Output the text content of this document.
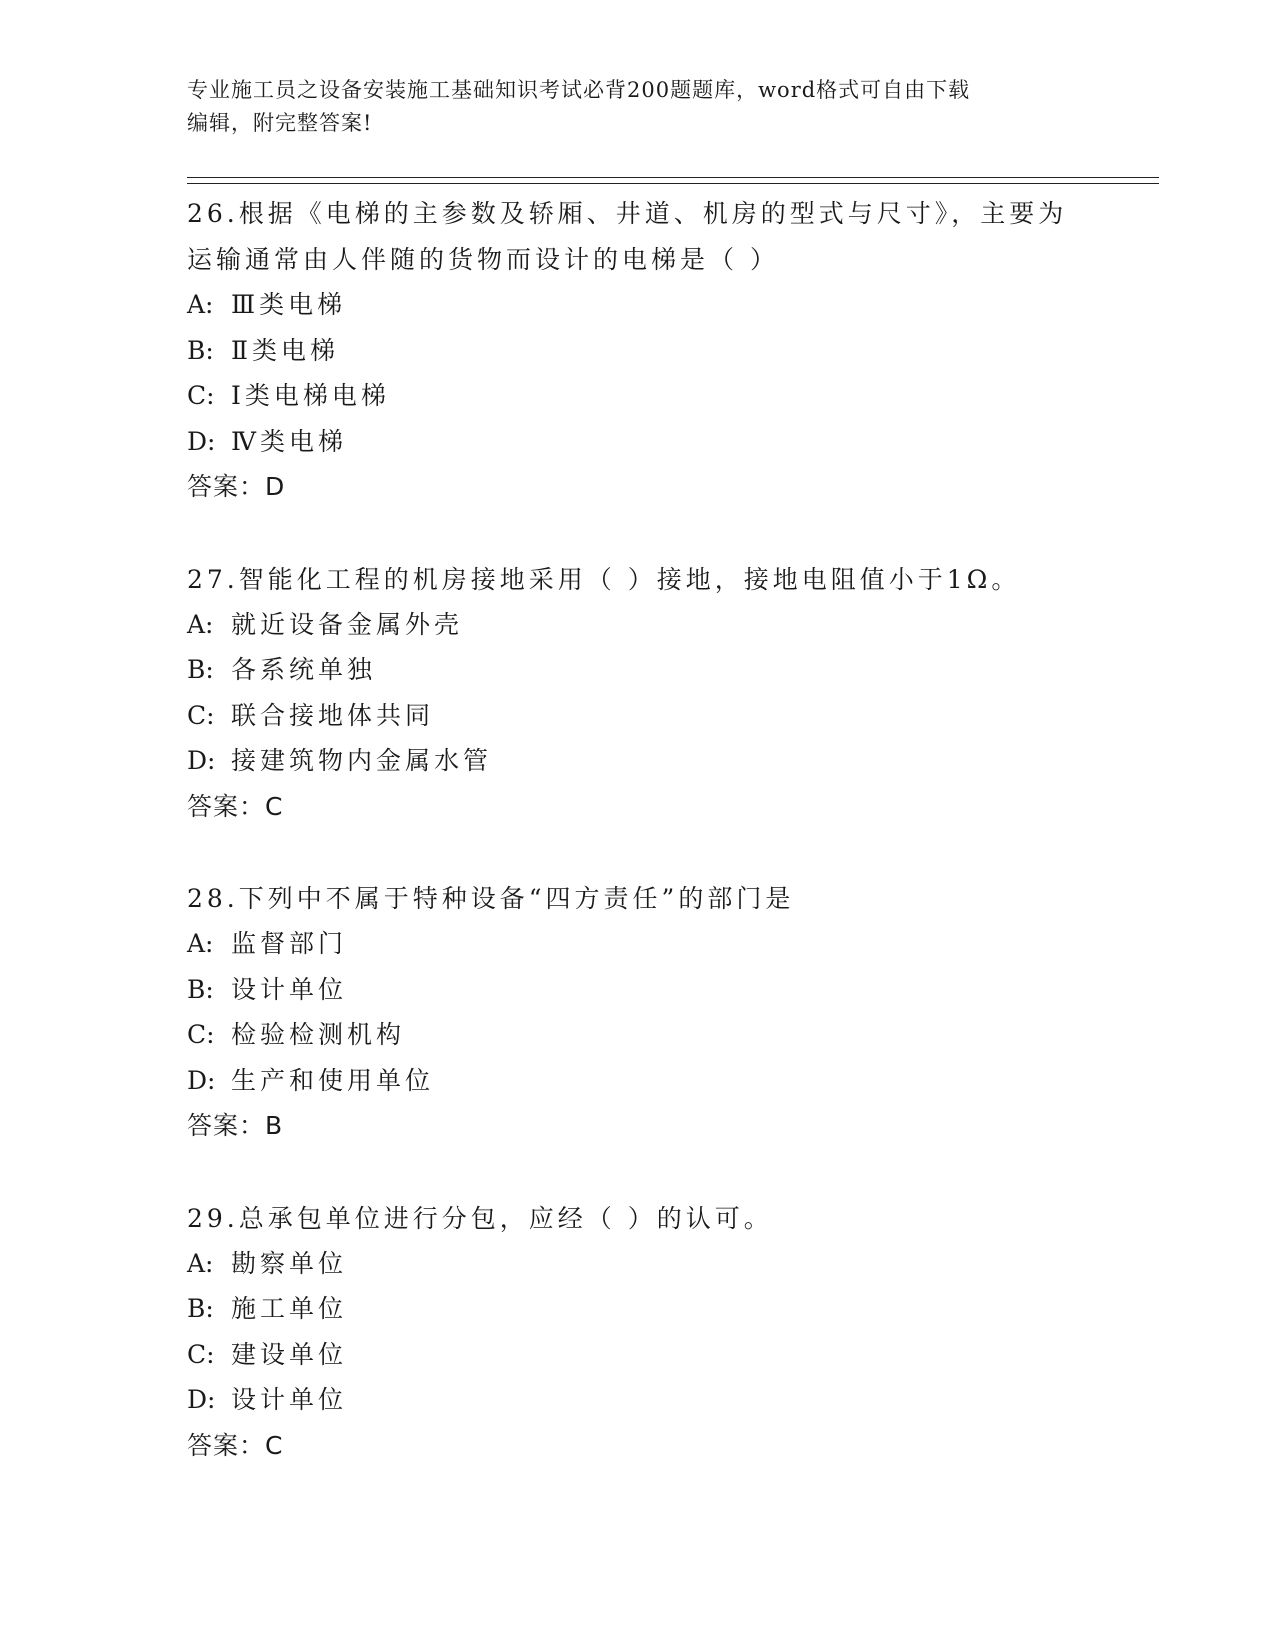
专业施工员之设备安装施工基础知识考试必背200题题库，word格式可自由下载
编辑，附完整答案!
26.根据《电梯的主参数及轿厢、井道、机房的型式与尺寸》，主要为
运输通常由人伴随的货物而设计的电梯是（ ）
A: Ⅲ类电梯
B: Ⅱ类电梯
C: Ⅰ类电梯电梯
D: Ⅳ类电梯
答案：D
27.智能化工程的机房接地采用（ ）接地，接地电阻值小于1Ω。
A: 就近设备金属外壳
B: 各系统单独
C: 联合接地体共同
D: 接建筑物内金属水管
答案：C
28.下列中不属于特种设备“四方责任”的部门是
A: 监督部门
B: 设计单位
C: 检验检测机构
D: 生产和使用单位
答案：B
29.总承包单位进行分包，应经（ ）的认可。
A: 勘察单位
B: 施工单位
C: 建设单位
D: 设计单位
答案：C
